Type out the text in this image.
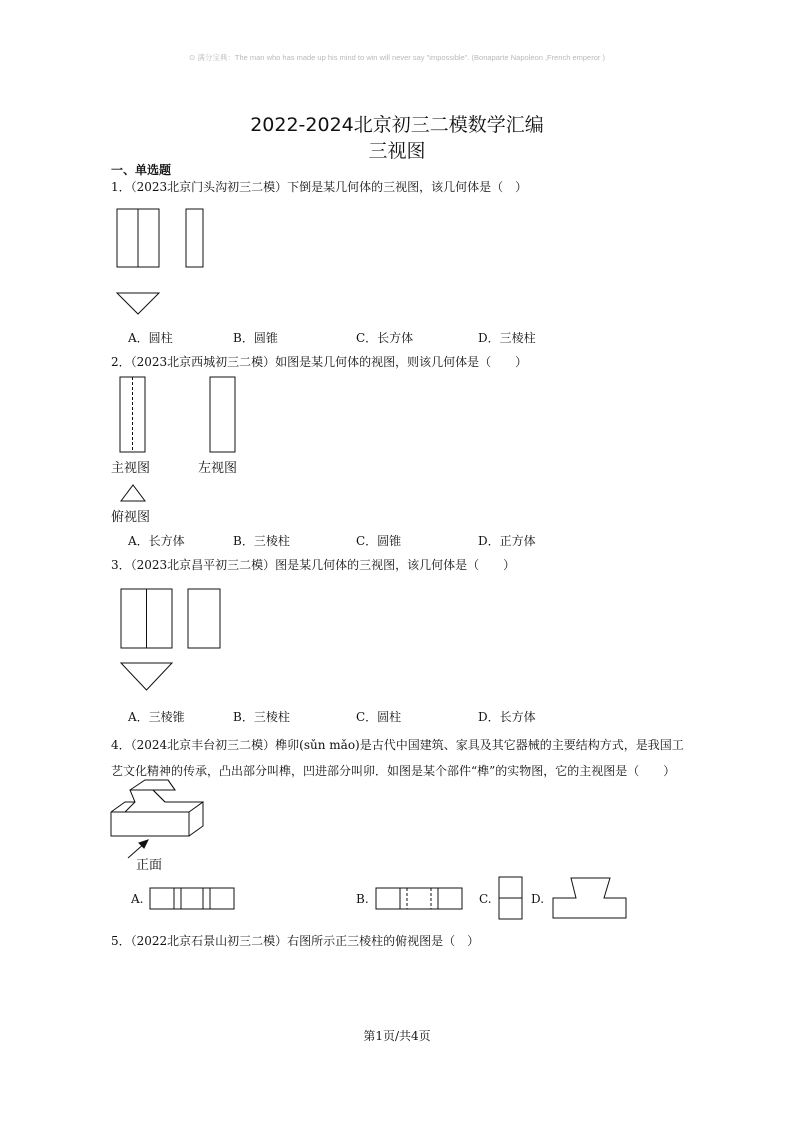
⊙ 满分宝典：The man who has made up his mind to win will never say "impossible". (Bonaparte Napoleon ,French emperor )
2022-2024北京初三二模数学汇编
三视图
一、单选题
1．（2023北京门头沟初三二模）下倒是某几何体的三视图，该几何体是（　）
A．圆柱	B．圆锥	C．长方体	D．三棱柱
2．（2023北京西城初三二模）如图是某几何体的视图，则该几何体是（　　）
主视图	左视图
俯视图
A．长方体	B．三棱柱	C．圆锥	D．正方体
3．（2023北京昌平初三二模）图是某几何体的三视图，该几何体是（　　）
A．三棱锥	B．三棱柱	C．圆柱	D．长方体
4．（2024北京丰台初三二模）榫卯(sǔn mǎo)是古代中国建筑、家具及其它器械的主要结构方式，是我国工
艺文化精神的传承，凸出部分叫榫，凹进部分叫卯．如图是某个部件“榫”的实物图，它的主视图是（　　）
正面
A.	B.	C.	D.
5．（2022北京石景山初三二模）右图所示正三棱柱的俯视图是（　）
第1页/共4页
